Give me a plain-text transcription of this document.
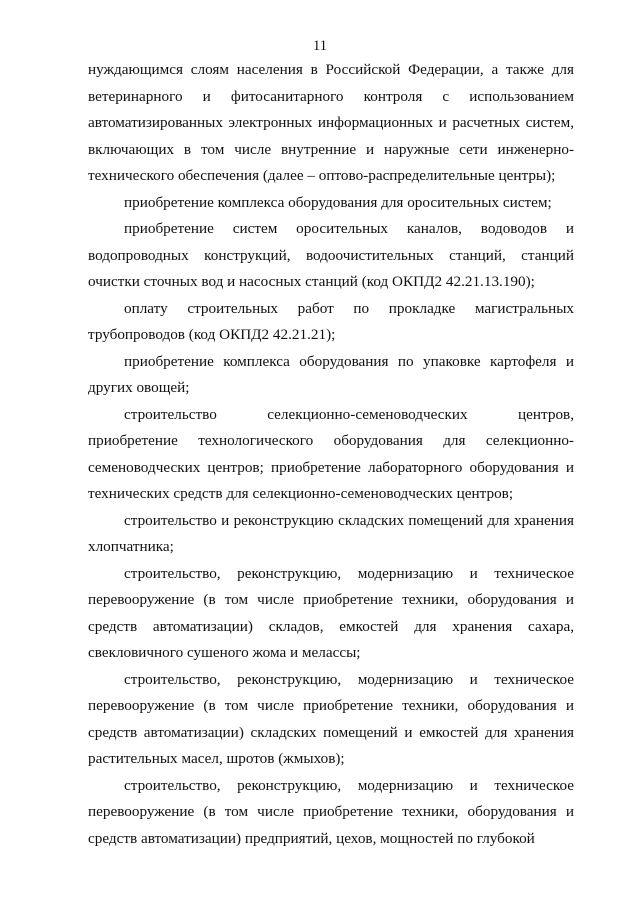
11

нуждающимся слоям населения в Российской Федерации, а также для ветеринарного и фитосанитарного контроля с использованием автоматизированных электронных информационных и расчетных систем, включающих в том числе внутренние и наружные сети инженерно-технического обеспечения (далее – оптово-распределительные центры);

приобретение комплекса оборудования для оросительных систем;

приобретение систем оросительных каналов, водоводов и водопроводных конструкций, водоочистительных станций, станций очистки сточных вод и насосных станций (код ОКПД2 42.21.13.190);

оплату строительных работ по прокладке магистральных трубопроводов (код ОКПД2 42.21.21);

приобретение комплекса оборудования по упаковке картофеля и других овощей;

строительство селекционно-семеноводческих центров, приобретение технологического оборудования для селекционно-семеноводческих центров; приобретение лабораторного оборудования и технических средств для селекционно-семеноводческих центров;

строительство и реконструкцию складских помещений для хранения хлопчатника;

строительство, реконструкцию, модернизацию и техническое перевооружение (в том числе приобретение техники, оборудования и средств автоматизации) складов, емкостей для хранения сахара, свекловичного сушеного жома и мелассы;

строительство, реконструкцию, модернизацию и техническое перевооружение (в том числе приобретение техники, оборудования и средств автоматизации) складских помещений и емкостей для хранения растительных масел, шротов (жмыхов);

строительство, реконструкцию, модернизацию и техническое перевооружение (в том числе приобретение техники, оборудования и средств автоматизации) предприятий, цехов, мощностей по глубокой
